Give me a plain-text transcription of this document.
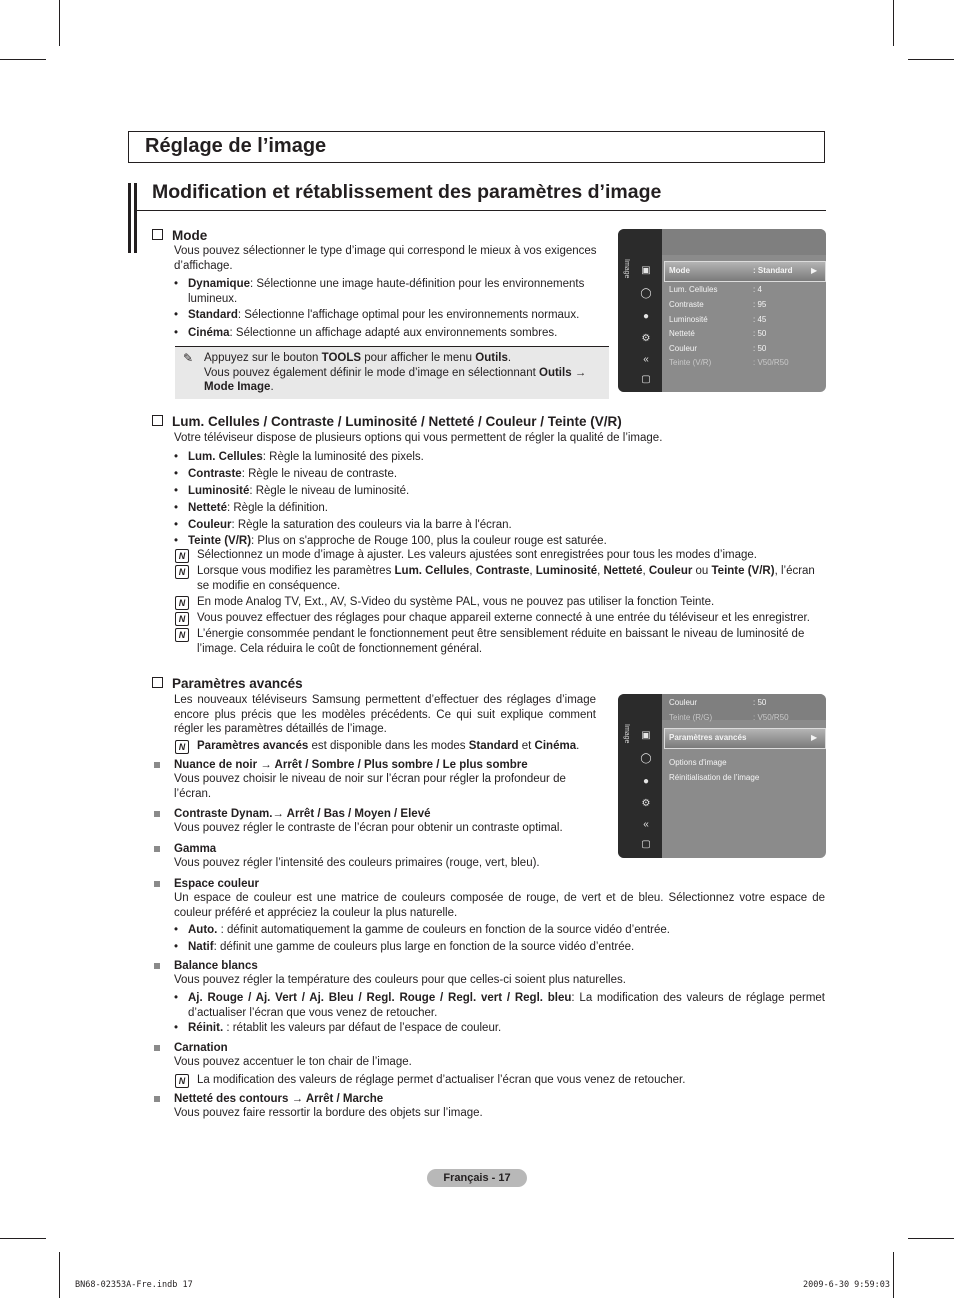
Réglage de l’image
Modification et rétablissement des paramètres d’image
Mode
Vous pouvez sélectionner le type d’image qui correspond le mieux à vos exigences d’affichage.
• Dynamique: Sélectionne une image haute-définition pour les environnements lumineux.
• Standard: Sélectionne l'affichage optimal pour les environnements normaux.
• Cinéma: Sélectionne un affichage adapté aux environnements sombres.
✎ Appuyez sur le bouton TOOLS pour afficher le menu Outils.
Vous pouvez également définir le mode d’image en sélectionnant Outils →
Mode Image.
Image ▣
◯
●
⚙
«
▢
Mode	: Standard ▶
Lum. Cellules	: 4
Contraste	: 95
Luminosité	: 45
Netteté	: 50
Couleur	: 50
Teinte (V/R)	: V50/R50
Lum. Cellules / Contraste / Luminosité / Netteté / Couleur / Teinte (V/R)
Votre téléviseur dispose de plusieurs options qui vous permettent de régler la qualité de l’image.
• Lum. Cellules: Règle la luminosité des pixels.
• Contraste: Règle le niveau de contraste.
• Luminosité: Règle le niveau de luminosité.
• Netteté: Règle la définition.
• Couleur: Règle la saturation des couleurs via la barre à l'écran.
• Teinte (V/R): Plus on s'approche de Rouge 100, plus la couleur rouge est saturée.
N	Sélectionnez un mode d’image à ajuster. Les valeurs ajustées sont enregistrées pour tous les modes d’image.
N	Lorsque vous modifiez les paramètres Lum. Cellules, Contraste, Luminosité, Netteté, Couleur ou Teinte (V/R), l’écran se modifie en conséquence.
N	En mode Analog TV, Ext., AV, S-Video du système PAL, vous ne pouvez pas utiliser la fonction Teinte.
N	Vous pouvez effectuer des réglages pour chaque appareil externe connecté à une entrée du téléviseur et les enregistrer.
N	L’énergie consommée pendant le fonctionnement peut être sensiblement réduite en baissant le niveau de luminosité de l’image. Cela réduira le coût de fonctionnement général.
Paramètres avancés
Les nouveaux téléviseurs Samsung permettent d’effectuer des réglages d’image encore plus précis que les modèles précédents. Ce qui suit explique comment régler les paramètres détaillés de l’image.
N	Paramètres avancés est disponible dans les modes Standard et Cinéma.
Nuance de noir → Arrêt / Sombre / Plus sombre / Le plus sombre
Vous pouvez choisir le niveau de noir sur l’écran pour régler la profondeur de l’écran.
Contraste Dynam.→ Arrêt / Bas / Moyen / Elevé
Vous pouvez régler le contraste de l’écran pour obtenir un contraste optimal.
Gamma
Vous pouvez régler l’intensité des couleurs primaires (rouge, vert, bleu).
Espace couleur
Un espace de couleur est une matrice de couleurs composée de rouge, de vert et de bleu. Sélectionnez votre espace de couleur préféré et appréciez la couleur la plus naturelle.
• Auto. : définit automatiquement la gamme de couleurs en fonction de la source vidéo d’entrée.
• Natif: définit une gamme de couleurs plus large en fonction de la source vidéo d’entrée.
Balance blancs
Vous pouvez régler la température des couleurs pour que celles-ci soient plus naturelles.
• Aj. Rouge / Aj. Vert / Aj. Bleu / Regl. Rouge / Regl. vert / Regl. bleu: La modification des valeurs de réglage permet d’actualiser l’écran que vous venez de retoucher.
• Réinit. : rétablit les valeurs par défaut de l’espace de couleur.
Carnation
Vous pouvez accentuer le ton chair de l’image.
N	La modification des valeurs de réglage permet d’actualiser l’écran que vous venez de retoucher.
Netteté des contours → Arrêt / Marche
Vous pouvez faire ressortir la bordure des objets sur l’image.
Image ▣
◯
●
⚙
«
▢
Couleur	: 50
Teinte (R/G)	: V50/R50
Paramètres avancés	▶
Options d'image
Réinitialisation de l’image
Français - 17
BN68-02353A-Fre.indb 17	2009-6-30 9:59:03
